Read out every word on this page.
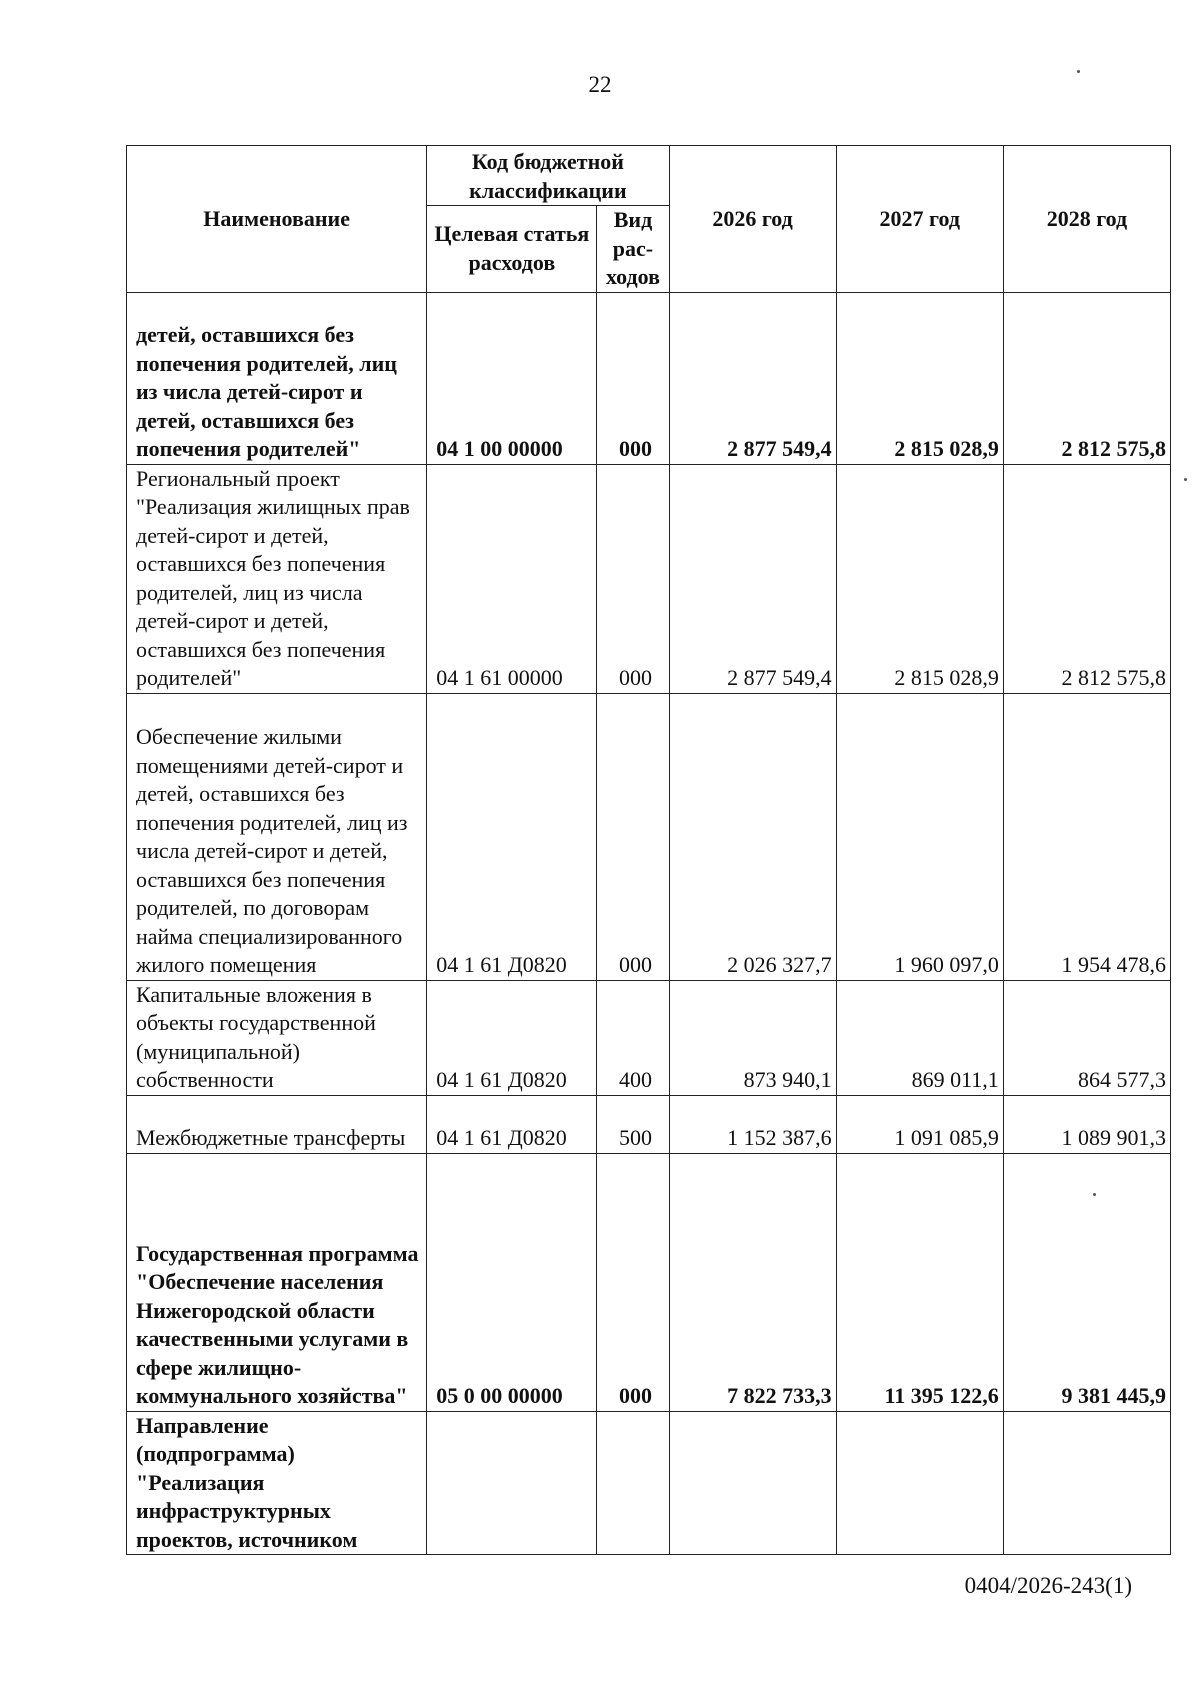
22
Наименование	Код бюджетной классификации		2026 год	2027 год	2028 год
	Целевая статья расходов	Вид рас-ходов			
детей, оставшихся без попечения родителей, лиц из числа детей-сирот и детей, оставшихся без попечения родителей"	04 1 00 00000	000	2 877 549,4	2 815 028,9	2 812 575,8
Региональный проект "Реализация жилищных прав детей-сирот и детей, оставшихся без попечения родителей, лиц из числа детей-сирот и детей, оставшихся без попечения родителей"	04 1 61 00000	000	2 877 549,4	2 815 028,9	2 812 575,8
Обеспечение жилыми помещениями детей-сирот и детей, оставшихся без попечения родителей, лиц из числа детей-сирот и детей, оставшихся без попечения родителей, по договорам найма специализированного жилого помещения	04 1 61 Д0820	000	2 026 327,7	1 960 097,0	1 954 478,6
Капитальные вложения в объекты государственной (муниципальной) собственности	04 1 61 Д0820	400	873 940,1	869 011,1	864 577,3
Межбюджетные трансферты	04 1 61 Д0820	500	1 152 387,6	1 091 085,9	1 089 901,3
Государственная программа "Обеспечение населения Нижегородской области качественными услугами в сфере жилищно-коммунального хозяйства"	05 0 00 00000	000	7 822 733,3	11 395 122,6	9 381 445,9
Направление (подпрограмма) "Реализация инфраструктурных проектов, источником					
0404/2026-243(1)
